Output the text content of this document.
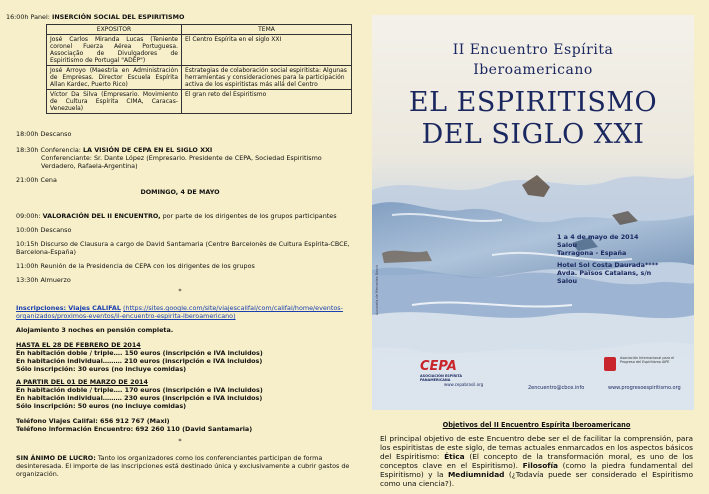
16:00h Panel: INSERCIÓN SOCIAL DEL ESPIRITISMO
EXPOSITOR	TEMA
José Carlos Miranda Lucas (Teniente coronel Fuerza Aérea Portuguesa. Associação de Divulgadores de Espiritismo de Portugal "ADEP")	El Centro Espírita en el siglo XXI
José Arroyo (Maestría en Administración de Empresas. Director Escuela Espírita Allan Kardec, Puerto Rico)	Estrategias de colaboración social espiritista: Algunas herramientas y consideraciones para la participación activa de los espiritistas más allá del Centro
Víctor Da Silva (Empresario. Movimiento de Cultura Espírita CIMA, Caracas-Venezuela)	El gran reto del Espiritismo
18:00h Descanso
18:30h Conferencia: LA VISIÓN DE CEPA EN EL SIGLO XXI
Conferenciante: Sr. Dante López (Empresario. Presidente de CEPA, Sociedad Espiritismo
Verdadero, Rafaela-Argentina)
21:00h Cena
DOMINGO, 4 DE MAYO
09:00h: VALORACIÓN DEL II ENCUENTRO, por parte de los dirigentes de los grupos participantes
10:00h Descanso
10:15h Discurso de Clausura a cargo de David Santamaria (Centre Barcelonès de Cultura Espírita-CBCE,
Barcelona-España)
11:00h Reunión de la Presidencia de CEPA con los dirigentes de los grupos
13:30h Almuerzo
*
Inscripciones: Viajes CALIFAL (https://sites.google.com/site/viajescalifal/com/califal/home/eventos-
organizados/proximos-eventos/ii-encuentro-espirita-iberoamericano)
Alojamiento 3 noches en pensión completa.
HASTA EL 28 DE FEBRERO DE 2014
En habitación doble / triple…. 150 euros (inscripción e IVA incluidos)
En habitación individual……… 210 euros (inscripción e IVA incluidos)
Sólo inscripción: 30 euros (no incluye comidas)
A PARTIR DEL 01 DE MARZO DE 2014
En habitación doble / triple…. 170 euros (inscripción e IVA incluidos)
En habitación individual……… 230 euros (inscripción e IVA incluidos)
Sólo inscripción: 50 euros (no incluye comidas)
Teléfono Viajes Califal: 656 912 767 (Maxi)
Teléfono información Encuentro: 692 260 110 (David Santamaria)
*
SIN ÁNIMO DE LUCRO: Tanto los organizadores como los conferenciantes participan de forma
desinteresada. El importe de las inscripciones está destinado única y exclusivamente a cubrir gastos de
organización.
II Encuentro Espírita
Iberoamericano
EL ESPIRITISMO
DEL SIGLO XXI
1 a 4 de mayo de 2014
Salou
Tarragona - España
Hotel Sol Costa Daurada****
Avda. Països Catalans, s/n
Salou
Acuarela de Mercedes Bosch
CEPA
ASOCIACIÓN ESPÍRITA PANAMERICANA
www.cepabrasil.org
Asociación Internacional para el Progreso del Espiritismo AIPE
2encuentro@cbce.info	www.progresoespiritismo.org
Objetivos del II Encuentro Espírita Iberoamericano
El principal objetivo de este Encuentro debe ser el de facilitar la comprensión, para los espiritistas de este siglo, de temas actuales enmarcados en los aspectos básicos del Espiritismo: Ética (El concepto de la transformación moral, es uno de los conceptos clave en el Espiritismo). Filosofía (como la piedra fundamental del Espiritismo) y la Mediumnidad (¿Todavía puede ser considerado el Espiritismo como una ciencia?).
